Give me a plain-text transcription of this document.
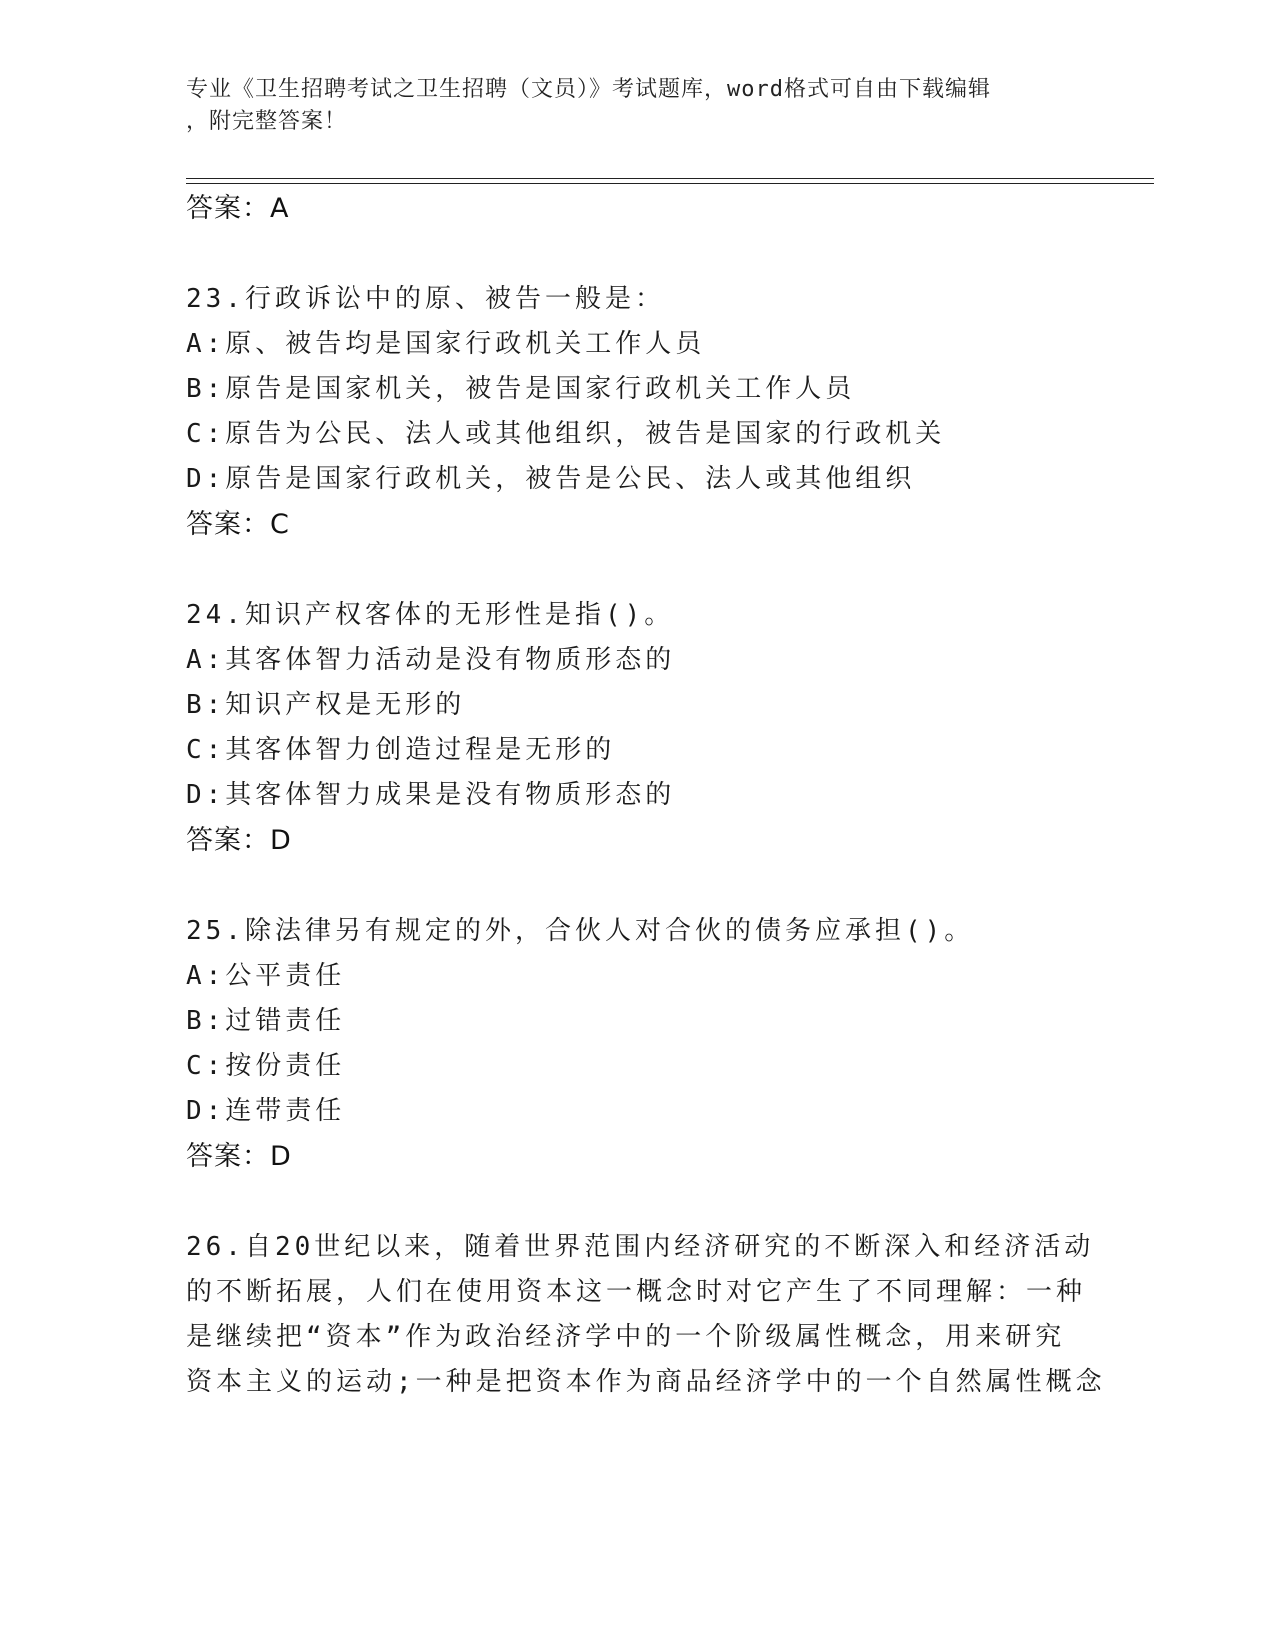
专业《卫生招聘考试之卫生招聘（文员）》考试题库，word格式可自由下载编辑
，附完整答案！
答案：A
23.行政诉讼中的原、被告一般是：
A:原、被告均是国家行政机关工作人员
B:原告是国家机关，被告是国家行政机关工作人员
C:原告为公民、法人或其他组织，被告是国家的行政机关
D:原告是国家行政机关，被告是公民、法人或其他组织
答案：C
24.知识产权客体的无形性是指()。
A:其客体智力活动是没有物质形态的
B:知识产权是无形的
C:其客体智力创造过程是无形的
D:其客体智力成果是没有物质形态的
答案：D
25.除法律另有规定的外，合伙人对合伙的债务应承担()。
A:公平责任
B:过错责任
C:按份责任
D:连带责任
答案：D
26.自20世纪以来，随着世界范围内经济研究的不断深入和经济活动
的不断拓展，人们在使用资本这一概念时对它产生了不同理解：一种
是继续把“资本”作为政治经济学中的一个阶级属性概念，用来研究
资本主义的运动;一种是把资本作为商品经济学中的一个自然属性概念
